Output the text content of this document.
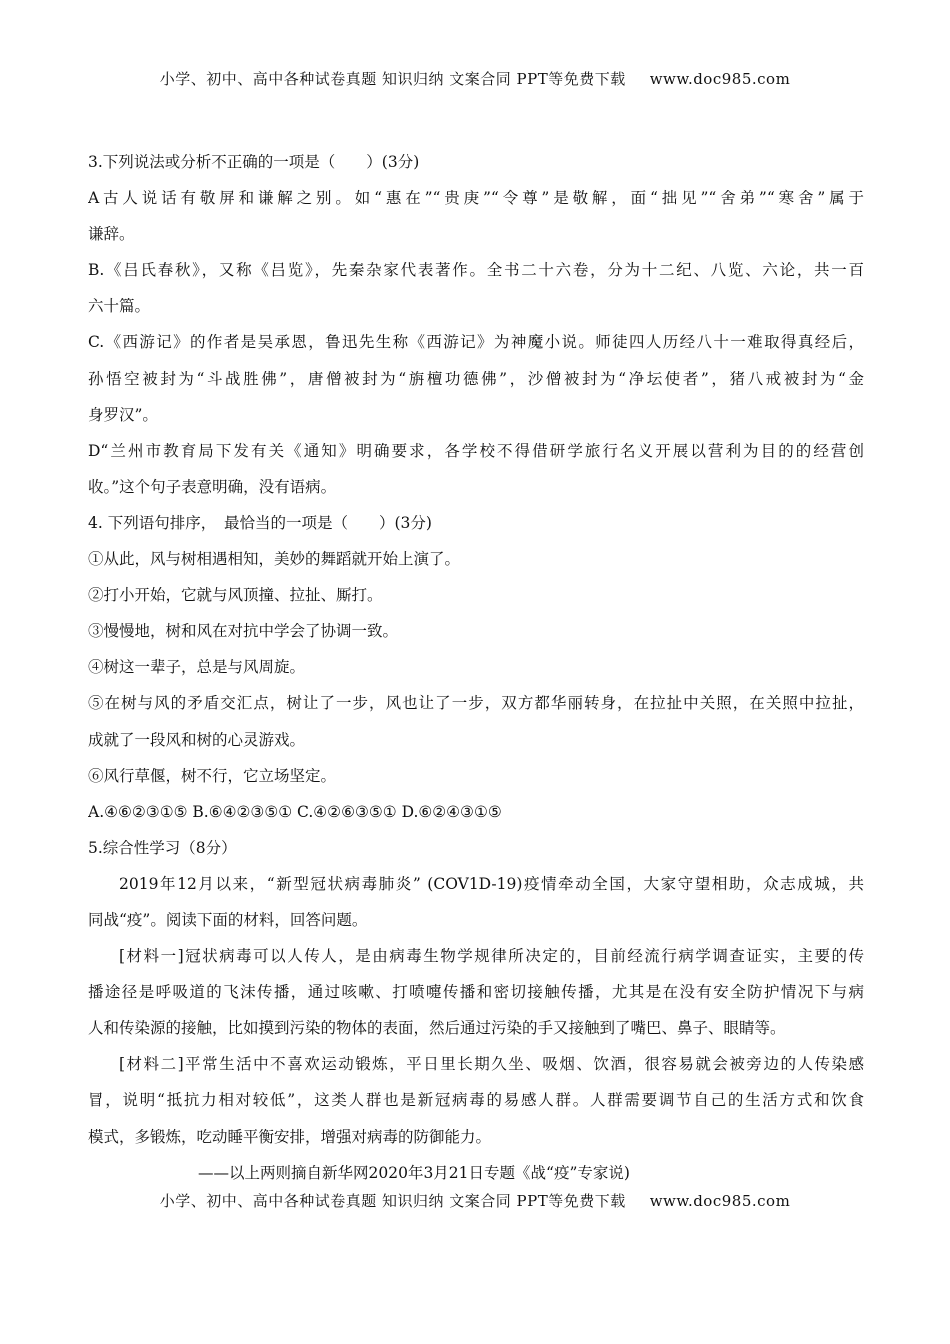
小学、初中、高中各种试卷真题 知识归纳 文案合同 PPT等免费下载 www.doc985.com
3.下列说法或分析不正确的一项是（　　）(3分)
A古人说话有敬屏和谦解之别。如“惠在”“贵庚”“令尊”是敬解，面“拙见”“舍弟”“寒舍”属于
谦辞。
B.《吕氏春秋》，又称《吕览》，先秦杂家代表著作。全书二十六卷，分为十二纪、八览、六论，共一百
六十篇。
C.《西游记》的作者是吴承恩，鲁迅先生称《西游记》为神魔小说。师徒四人历经八十一难取得真经后，
孙悟空被封为“斗战胜佛”，唐僧被封为“旃檀功德佛”，沙僧被封为“净坛使者”，猪八戒被封为“金
身罗汉”。
D“兰州市教育局下发有关《通知》明确要求，各学校不得借研学旅行名义开展以营利为目的的经营创
收。”这个句子表意明确，没有语病。
4. 下列语句排序，　最恰当的一项是（　　）(3分)
①从此，风与树相遇相知，美妙的舞蹈就开始上演了。
②打小开始，它就与风顶撞、拉扯、厮打。
③慢慢地，树和风在对抗中学会了协调一致。
④树这一辈子，总是与风周旋。
⑤在树与风的矛盾交汇点，树让了一步，风也让了一步，双方都华丽转身，在拉扯中关照，在关照中拉扯，
成就了一段风和树的心灵游戏。
⑥风行草偃，树不行，它立场坚定。
A.④⑥②③①⑤ B.⑥④②③⑤① C.④②⑥③⑤① D.⑥②④③①⑤
5.综合性学习（8分）
2019年12月以来，“新型冠状病毒肺炎” (COV1D-19)疫情牵动全国，大家守望相助，众志成城，共
同战“疫”。阅读下面的材料，回答问题。
[材料一]冠状病毒可以人传人，是由病毒生物学规律所决定的，目前经流行病学调查证实，主要的传
播途径是呼吸道的飞沫传播，通过咳嗽、打喷嚏传播和密切接触传播，尤其是在没有安全防护情况下与病
人和传染源的接触，比如摸到污染的物体的表面，然后通过污染的手又接触到了嘴巴、鼻子、眼睛等。
[材料二]平常生活中不喜欢运动锻炼，平日里长期久坐、吸烟、饮酒，很容易就会被旁边的人传染感
冒，说明“抵抗力相对较低”，这类人群也是新冠病毒的易感人群。人群需要调节自己的生活方式和饮食
模式，多锻炼，吃动睡平衡安排，增强对病毒的防御能力。
——以上两则摘自新华网2020年3月21日专题《战“疫”专家说)
小学、初中、高中各种试卷真题 知识归纳 文案合同 PPT等免费下载 www.doc985.com
